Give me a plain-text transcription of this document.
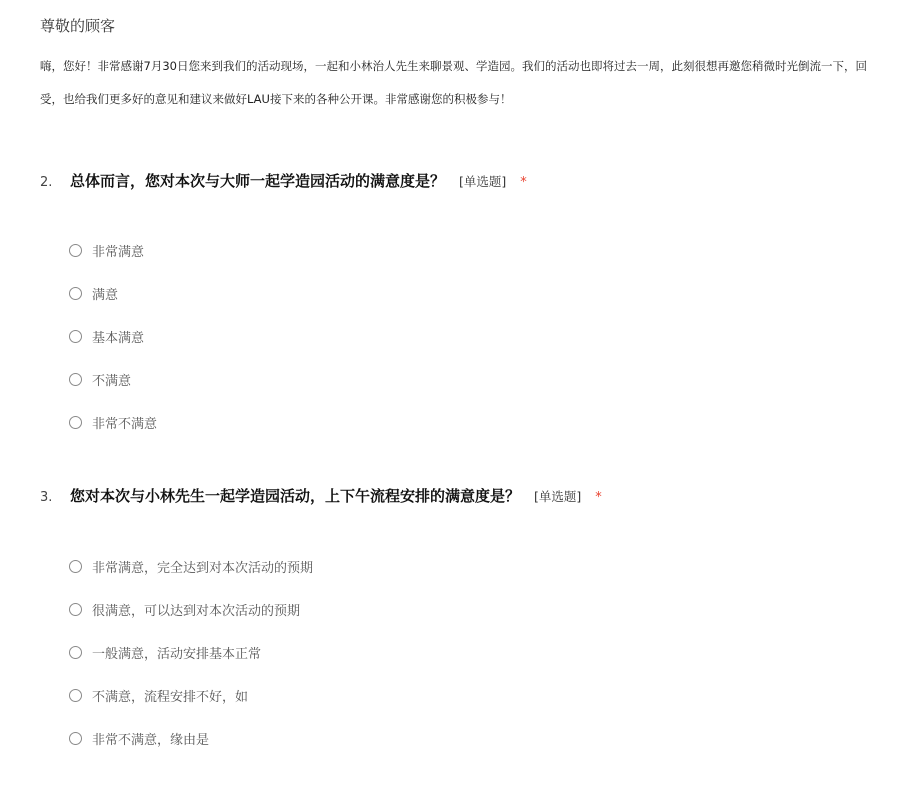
尊敬的顾客
嗨，您好！非常感谢7月30日您来到我们的活动现场，一起和小林治人先生来聊景观、学造园。我们的活动也即将过去一周，此刻很想再邀您稍微时光倒流一下，回
受，也给我们更多好的意见和建议来做好LAU接下来的各种公开课。非常感谢您的积极参与！
2.	总体而言，您对本次与大师一起学造园活动的满意度是？ [单选题] *
非常满意
满意
基本满意
不满意
非常不满意
3.	您对本次与小林先生一起学造园活动，上下午流程安排的满意度是？ [单选题] *
非常满意，完全达到对本次活动的预期
很满意，可以达到对本次活动的预期
一般满意，活动安排基本正常
不满意，流程安排不好，如
非常不满意，缘由是
